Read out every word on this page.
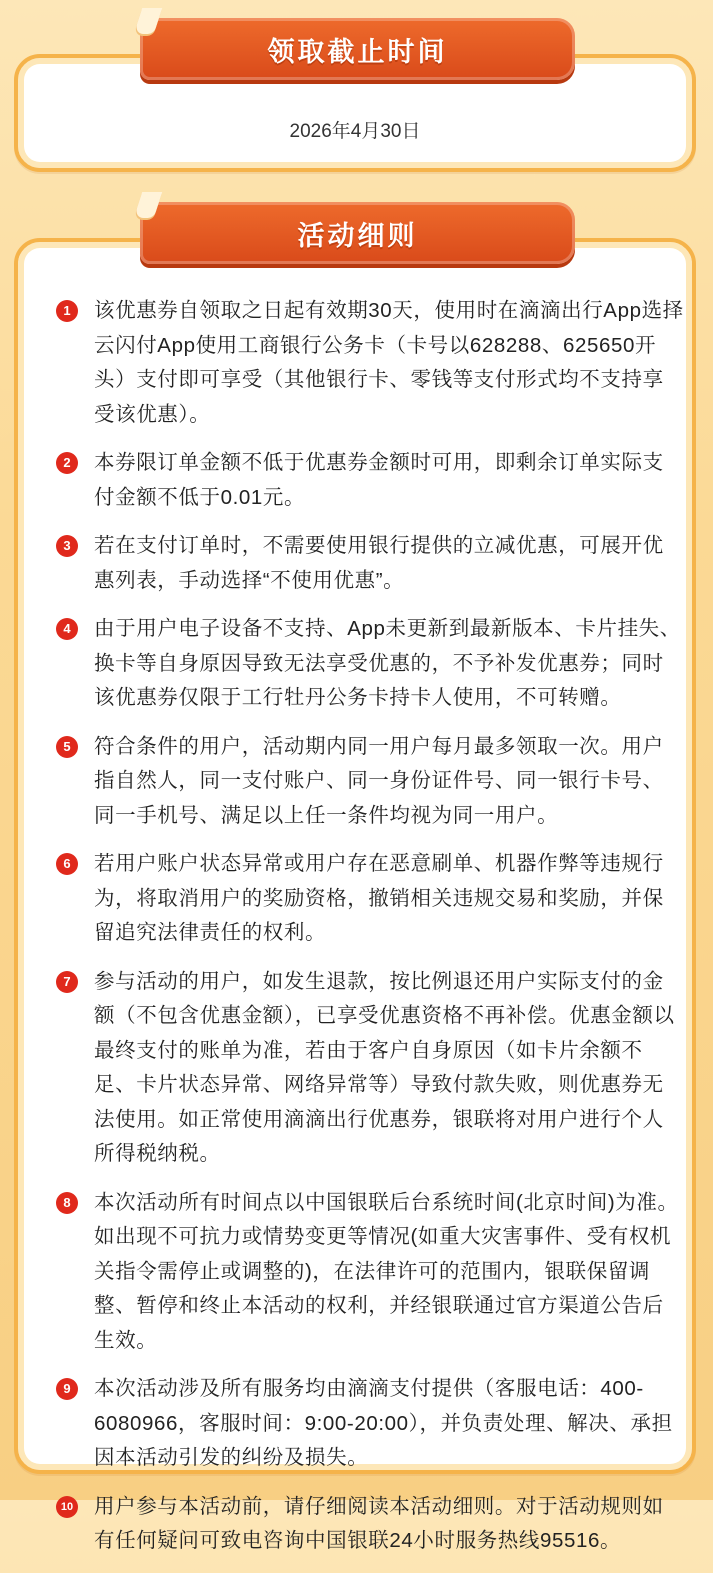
领取截止时间
2026年4月30日
活动细则
1	该优惠券自领取之日起有效期30天，使用时在滴滴出行App选择云闪付App使用工商银行公务卡（卡号以628288、625650开头）支付即可享受（其他银行卡、零钱等支付形式均不支持享受该优惠）。
2	本券限订单金额不低于优惠券金额时可用，即剩余订单实际支付金额不低于0.01元。
3	若在支付订单时，不需要使用银行提供的立减优惠，可展开优惠列表，手动选择“不使用优惠”。
4	由于用户电子设备不支持、App未更新到最新版本、卡片挂失、换卡等自身原因导致无法享受优惠的，不予补发优惠券；同时该优惠券仅限于工行牡丹公务卡持卡人使用，不可转赠。
5	符合条件的用户，活动期内同一用户每月最多领取一次。用户指自然人，同一支付账户、同一身份证件号、同一银行卡号、同一手机号、满足以上任一条件均视为同一用户。
6	若用户账户状态异常或用户存在恶意刷单、机器作弊等违规行为，将取消用户的奖励资格，撤销相关违规交易和奖励，并保留追究法律责任的权利。
7	参与活动的用户，如发生退款，按比例退还用户实际支付的金额（不包含优惠金额），已享受优惠资格不再补偿。优惠金额以最终支付的账单为准，若由于客户自身原因（如卡片余额不足、卡片状态异常、网络异常等）导致付款失败，则优惠券无法使用。如正常使用滴滴出行优惠券，银联将对用户进行个人所得税纳税。
8	本次活动所有时间点以中国银联后台系统时间(北京时间)为准。如出现不可抗力或情势变更等情况(如重大灾害事件、受有权机关指令需停止或调整的)，在法律许可的范围内，银联保留调整、暂停和终止本活动的权利，并经银联通过官方渠道公告后生效。
9	本次活动涉及所有服务均由滴滴支付提供（客服电话：400-6080966，客服时间：9:00-20:00），并负责处理、解决、承担因本活动引发的纠纷及损失。
10 用户参与本活动前，请仔细阅读本活动细则。对于活动规则如有任何疑问可致电咨询中国银联24小时服务热线95516。
